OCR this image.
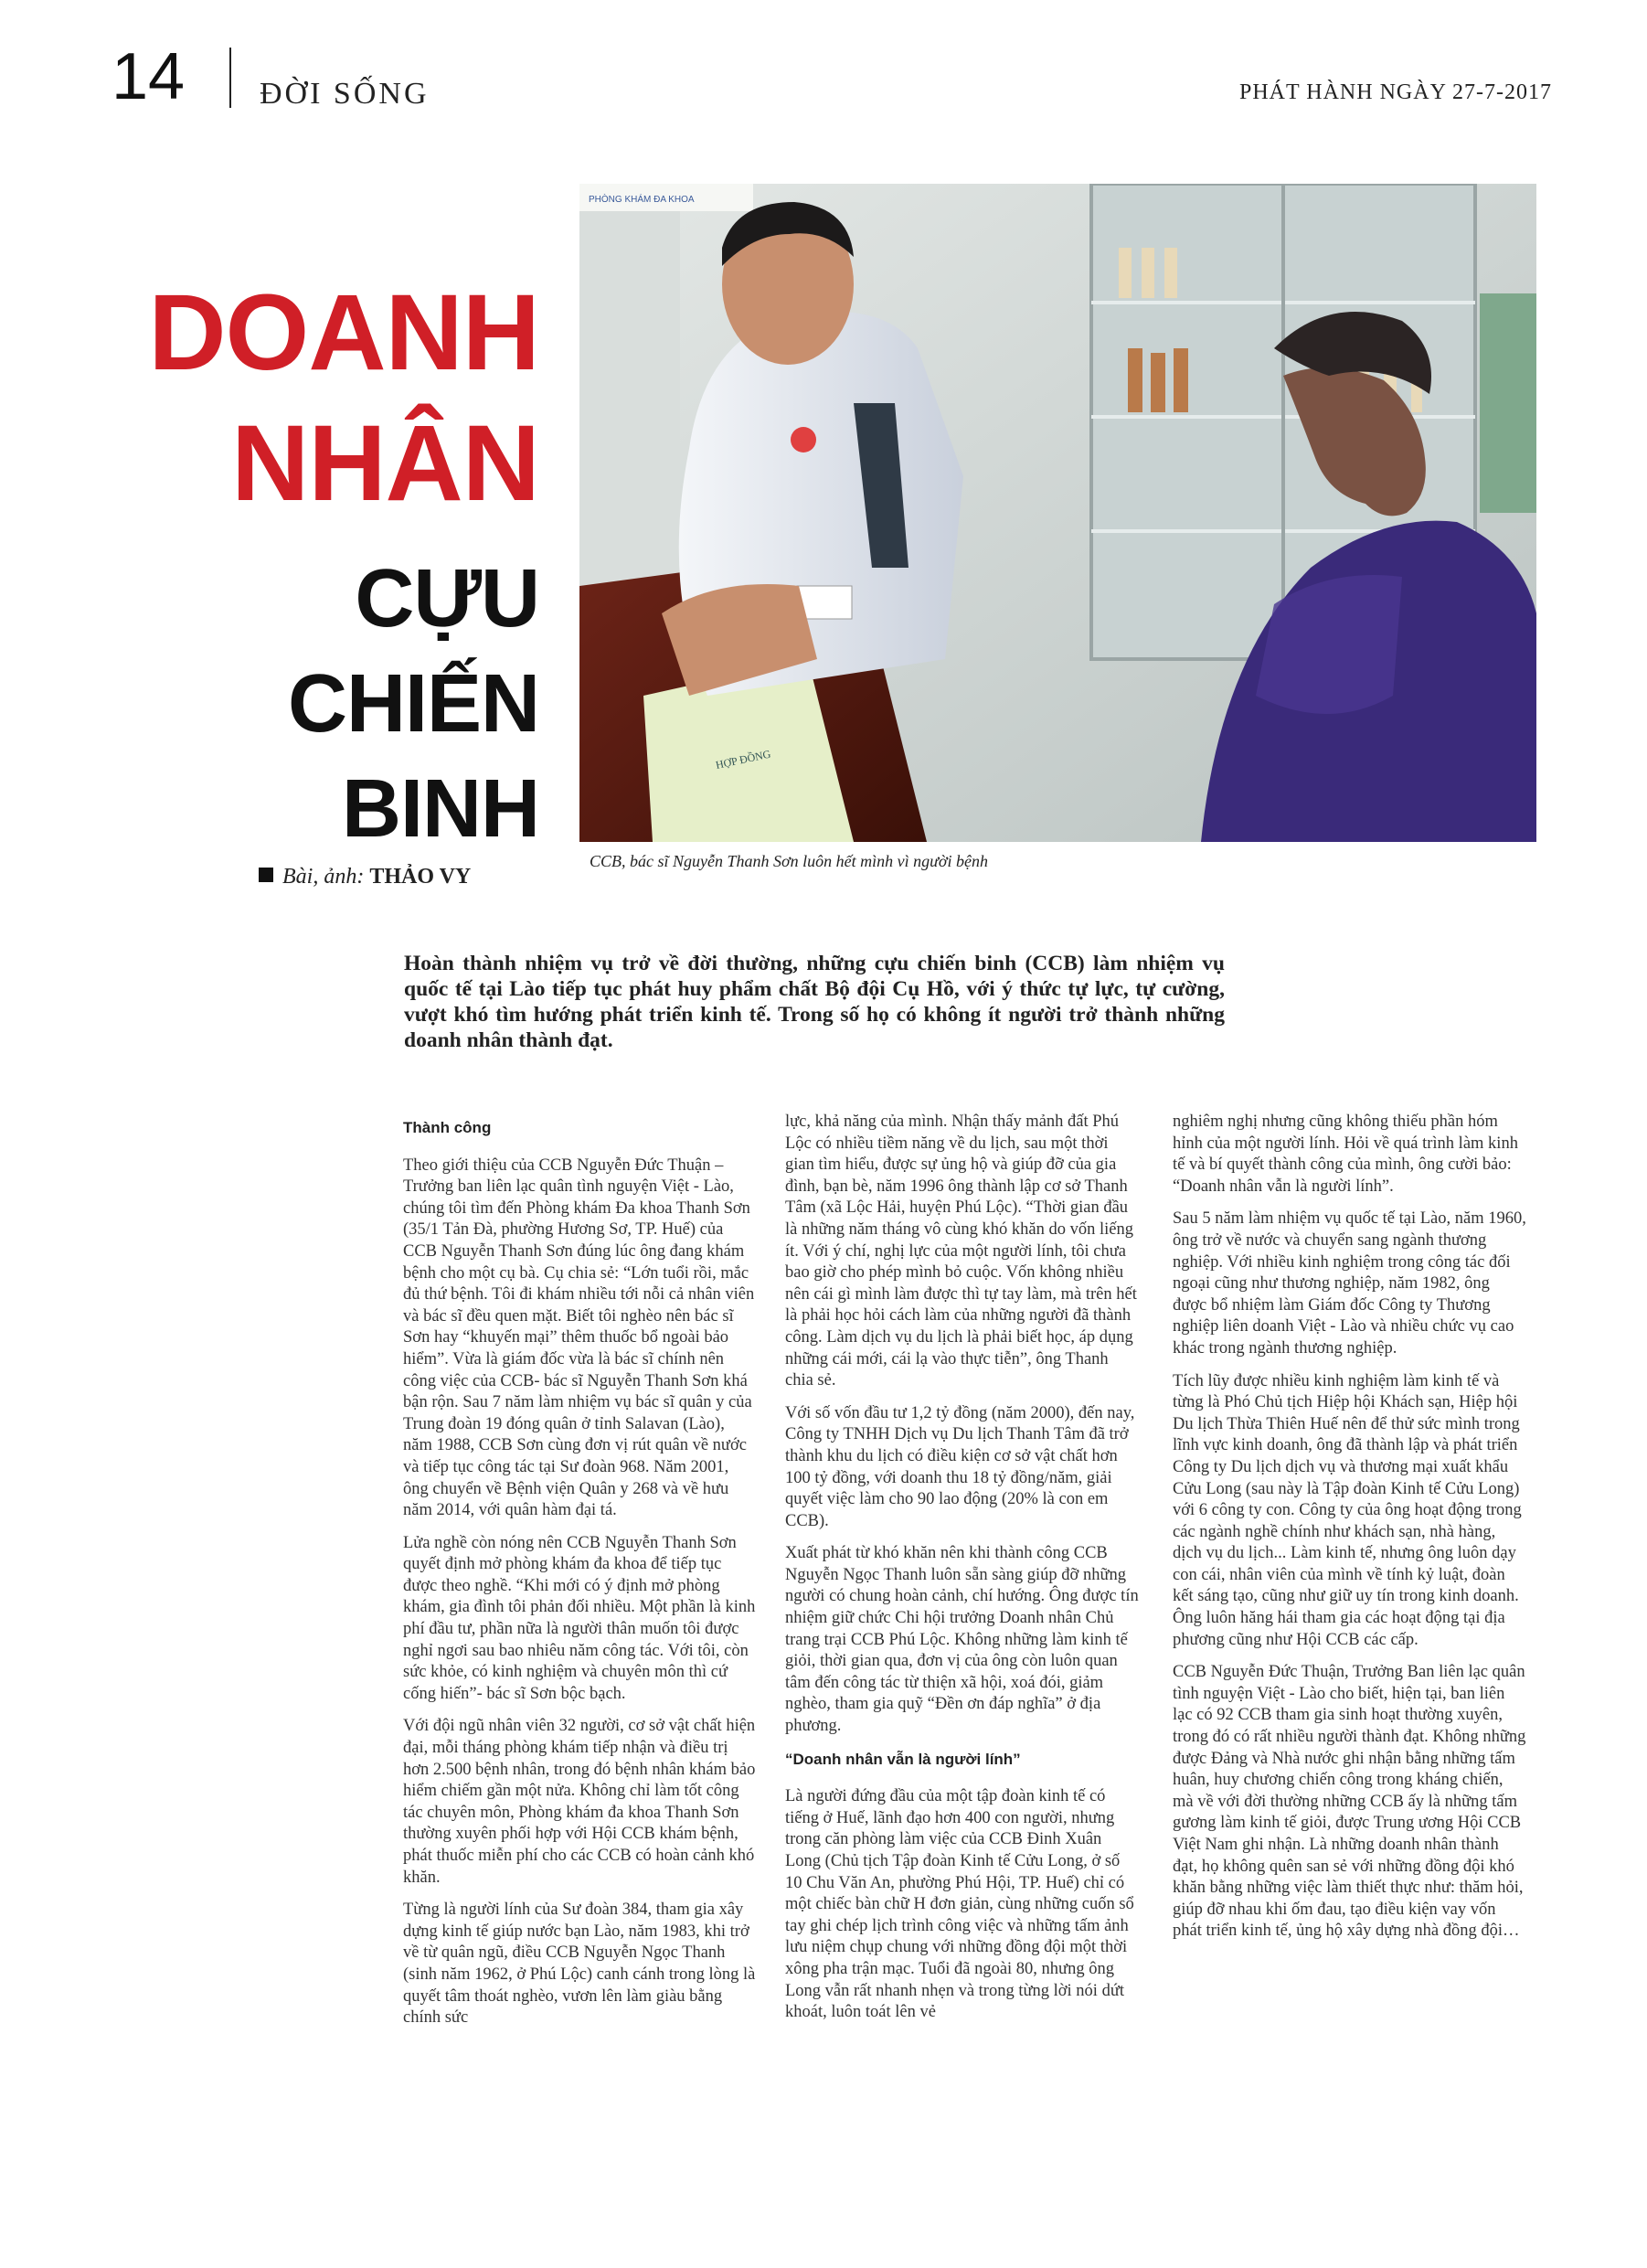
14 ĐỜI SỐNG	PHÁT HÀNH NGÀY 27-7-2017
DOANH
NHÂN
CỰU
CHIẾN
BINH
Bài, ảnh: THẢO VY
PHÒNG KHÁM ĐA KHOA
HỢP ĐỒNG
CCB, bác sĩ Nguyễn Thanh Sơn luôn hết mình vì người bệnh
Hoàn thành nhiệm vụ trở về đời thường, những cựu chiến binh (CCB) làm nhiệm vụ quốc tế tại Lào tiếp tục phát huy phẩm chất Bộ đội Cụ Hồ, với ý thức tự lực, tự cường, vượt khó tìm hướng phát triển kinh tế. Trong số họ có không ít người trở thành những doanh nhân thành đạt.
Thành công

Theo giới thiệu của CCB Nguyễn Đức Thuận – Trưởng ban liên lạc quân tình nguyện Việt - Lào, chúng tôi tìm đến Phòng khám Đa khoa Thanh Sơn (35/1 Tản Đà, phường Hương Sơ, TP. Huế) của CCB Nguyễn Thanh Sơn đúng lúc ông đang khám bệnh cho một cụ bà. Cụ chia sẻ: “Lớn tuổi rồi, mắc đủ thứ bệnh. Tôi đi khám nhiều tới nỗi cả nhân viên và bác sĩ đều quen mặt. Biết tôi nghèo nên bác sĩ Sơn hay “khuyến mại” thêm thuốc bổ ngoài bảo hiểm”. Vừa là giám đốc vừa là bác sĩ chính nên công việc của CCB- bác sĩ Nguyễn Thanh Sơn khá bận rộn. Sau 7 năm làm nhiệm vụ bác sĩ quân y của Trung đoàn 19 đóng quân ở tỉnh Salavan (Lào), năm 1988, CCB Sơn cùng đơn vị rút quân về nước và tiếp tục công tác tại Sư đoàn 968. Năm 2001, ông chuyển về Bệnh viện Quân y 268 và về hưu năm 2014, với quân hàm đại tá.

Lửa nghề còn nóng nên CCB Nguyễn Thanh Sơn quyết định mở phòng khám đa khoa để tiếp tục được theo nghề. “Khi mới có ý định mở phòng khám, gia đình tôi phản đối nhiều. Một phần là kinh phí đầu tư, phần nữa là người thân muốn tôi được nghỉ ngơi sau bao nhiêu năm công tác. Với tôi, còn sức khỏe, có kinh nghiệm và chuyên môn thì cứ cống hiến”- bác sĩ Sơn bộc bạch.

Với đội ngũ nhân viên 32 người, cơ sở vật chất hiện đại, mỗi tháng phòng khám tiếp nhận và điều trị hơn 2.500 bệnh nhân, trong đó bệnh nhân khám bảo hiểm chiếm gần một nửa. Không chỉ làm tốt công tác chuyên môn, Phòng khám đa khoa Thanh Sơn thường xuyên phối hợp với Hội CCB khám bệnh, phát thuốc miễn phí cho các CCB có hoàn cảnh khó khăn.

Từng là người lính của Sư đoàn 384, tham gia xây dựng kinh tế giúp nước bạn Lào, năm 1983, khi trở về từ quân ngũ, điều CCB Nguyễn Ngọc Thanh (sinh năm 1962, ở Phú Lộc) canh cánh trong lòng là quyết tâm thoát nghèo, vươn lên làm giàu bằng chính sức

lực, khả năng của mình. Nhận thấy mảnh đất Phú Lộc có nhiều tiềm năng về du lịch, sau một thời gian tìm hiểu, được sự ủng hộ và giúp đỡ của gia đình, bạn bè, năm 1996 ông thành lập cơ sở Thanh Tâm (xã Lộc Hải, huyện Phú Lộc). “Thời gian đầu là những năm tháng vô cùng khó khăn do vốn liếng ít. Với ý chí, nghị lực của một người lính, tôi chưa bao giờ cho phép mình bỏ cuộc. Vốn không nhiều nên cái gì mình làm được thì tự tay làm, mà trên hết là phải học hỏi cách làm của những người đã thành công. Làm dịch vụ du lịch là phải biết học, áp dụng những cái mới, cái lạ vào thực tiễn”, ông Thanh chia sẻ.

Với số vốn đầu tư 1,2 tỷ đồng (năm 2000), đến nay, Công ty TNHH Dịch vụ Du lịch Thanh Tâm đã trở thành khu du lịch có điều kiện cơ sở vật chất hơn 100 tỷ đồng, với doanh thu 18 tỷ đồng/năm, giải quyết việc làm cho 90 lao động (20% là con em CCB).

Xuất phát từ khó khăn nên khi thành công CCB Nguyễn Ngọc Thanh luôn sẵn sàng giúp đỡ những người có chung hoàn cảnh, chí hướng. Ông được tín nhiệm giữ chức Chi hội trưởng Doanh nhân Chủ trang trại CCB Phú Lộc. Không những làm kinh tế giỏi, thời gian qua, đơn vị của ông còn luôn quan tâm đến công tác từ thiện xã hội, xoá đói, giảm nghèo, tham gia quỹ “Đền ơn đáp nghĩa” ở địa phương.

“Doanh nhân vẫn là người lính”

Là người đứng đầu của một tập đoàn kinh tế có tiếng ở Huế, lãnh đạo hơn 400 con người, nhưng trong căn phòng làm việc của CCB Đinh Xuân Long (Chủ tịch Tập đoàn Kinh tế Cửu Long, ở số 10 Chu Văn An, phường Phú Hội, TP. Huế) chỉ có một chiếc bàn chữ H đơn giản, cùng những cuốn sổ tay ghi chép lịch trình công việc và những tấm ảnh lưu niệm chụp chung với những đồng đội một thời xông pha trận mạc. Tuổi đã ngoài 80, nhưng ông Long vẫn rất nhanh nhẹn và trong từng lời nói dứt khoát, luôn toát lên vẻ

nghiêm nghị nhưng cũng không thiếu phần hóm hỉnh của một người lính. Hỏi về quá trình làm kinh tế và bí quyết thành công của mình, ông cười bảo: “Doanh nhân vẫn là người lính”.

Sau 5 năm làm nhiệm vụ quốc tế tại Lào, năm 1960, ông trở về nước và chuyển sang ngành thương nghiệp. Với nhiều kinh nghiệm trong công tác đối ngoại cũng như thương nghiệp, năm 1982, ông được bổ nhiệm làm Giám đốc Công ty Thương nghiệp liên doanh Việt - Lào và nhiều chức vụ cao khác trong ngành thương nghiệp.

Tích lũy được nhiều kinh nghiệm làm kinh tế và từng là Phó Chủ tịch Hiệp hội Khách sạn, Hiệp hội Du lịch Thừa Thiên Huế nên để thử sức mình trong lĩnh vực kinh doanh, ông đã thành lập và phát triển Công ty Du lịch dịch vụ và thương mại xuất khẩu Cửu Long (sau này là Tập đoàn Kinh tế Cửu Long) với 6 công ty con. Công ty của ông hoạt động trong các ngành nghề chính như khách sạn, nhà hàng, dịch vụ du lịch... Làm kinh tế, nhưng ông luôn dạy con cái, nhân viên của mình về tính kỷ luật, đoàn kết sáng tạo, cũng như giữ uy tín trong kinh doanh. Ông luôn hăng hái tham gia các hoạt động tại địa phương cũng như Hội CCB các cấp.

CCB Nguyễn Đức Thuận, Trưởng Ban liên lạc quân tình nguyện Việt - Lào cho biết, hiện tại, ban liên lạc có 92 CCB tham gia sinh hoạt thường xuyên, trong đó có rất nhiều người thành đạt. Không những được Đảng và Nhà nước ghi nhận bằng những tấm huân, huy chương chiến công trong kháng chiến, mà về với đời thường những CCB ấy là những tấm gương làm kinh tế giỏi, được Trung ương Hội CCB Việt Nam ghi nhận. Là những doanh nhân thành đạt, họ không quên san sẻ với những đồng đội khó khăn bằng những việc làm thiết thực như: thăm hỏi, giúp đỡ nhau khi ốm đau, tạo điều kiện vay vốn phát triển kinh tế, ủng hộ xây dựng nhà đồng đội…
